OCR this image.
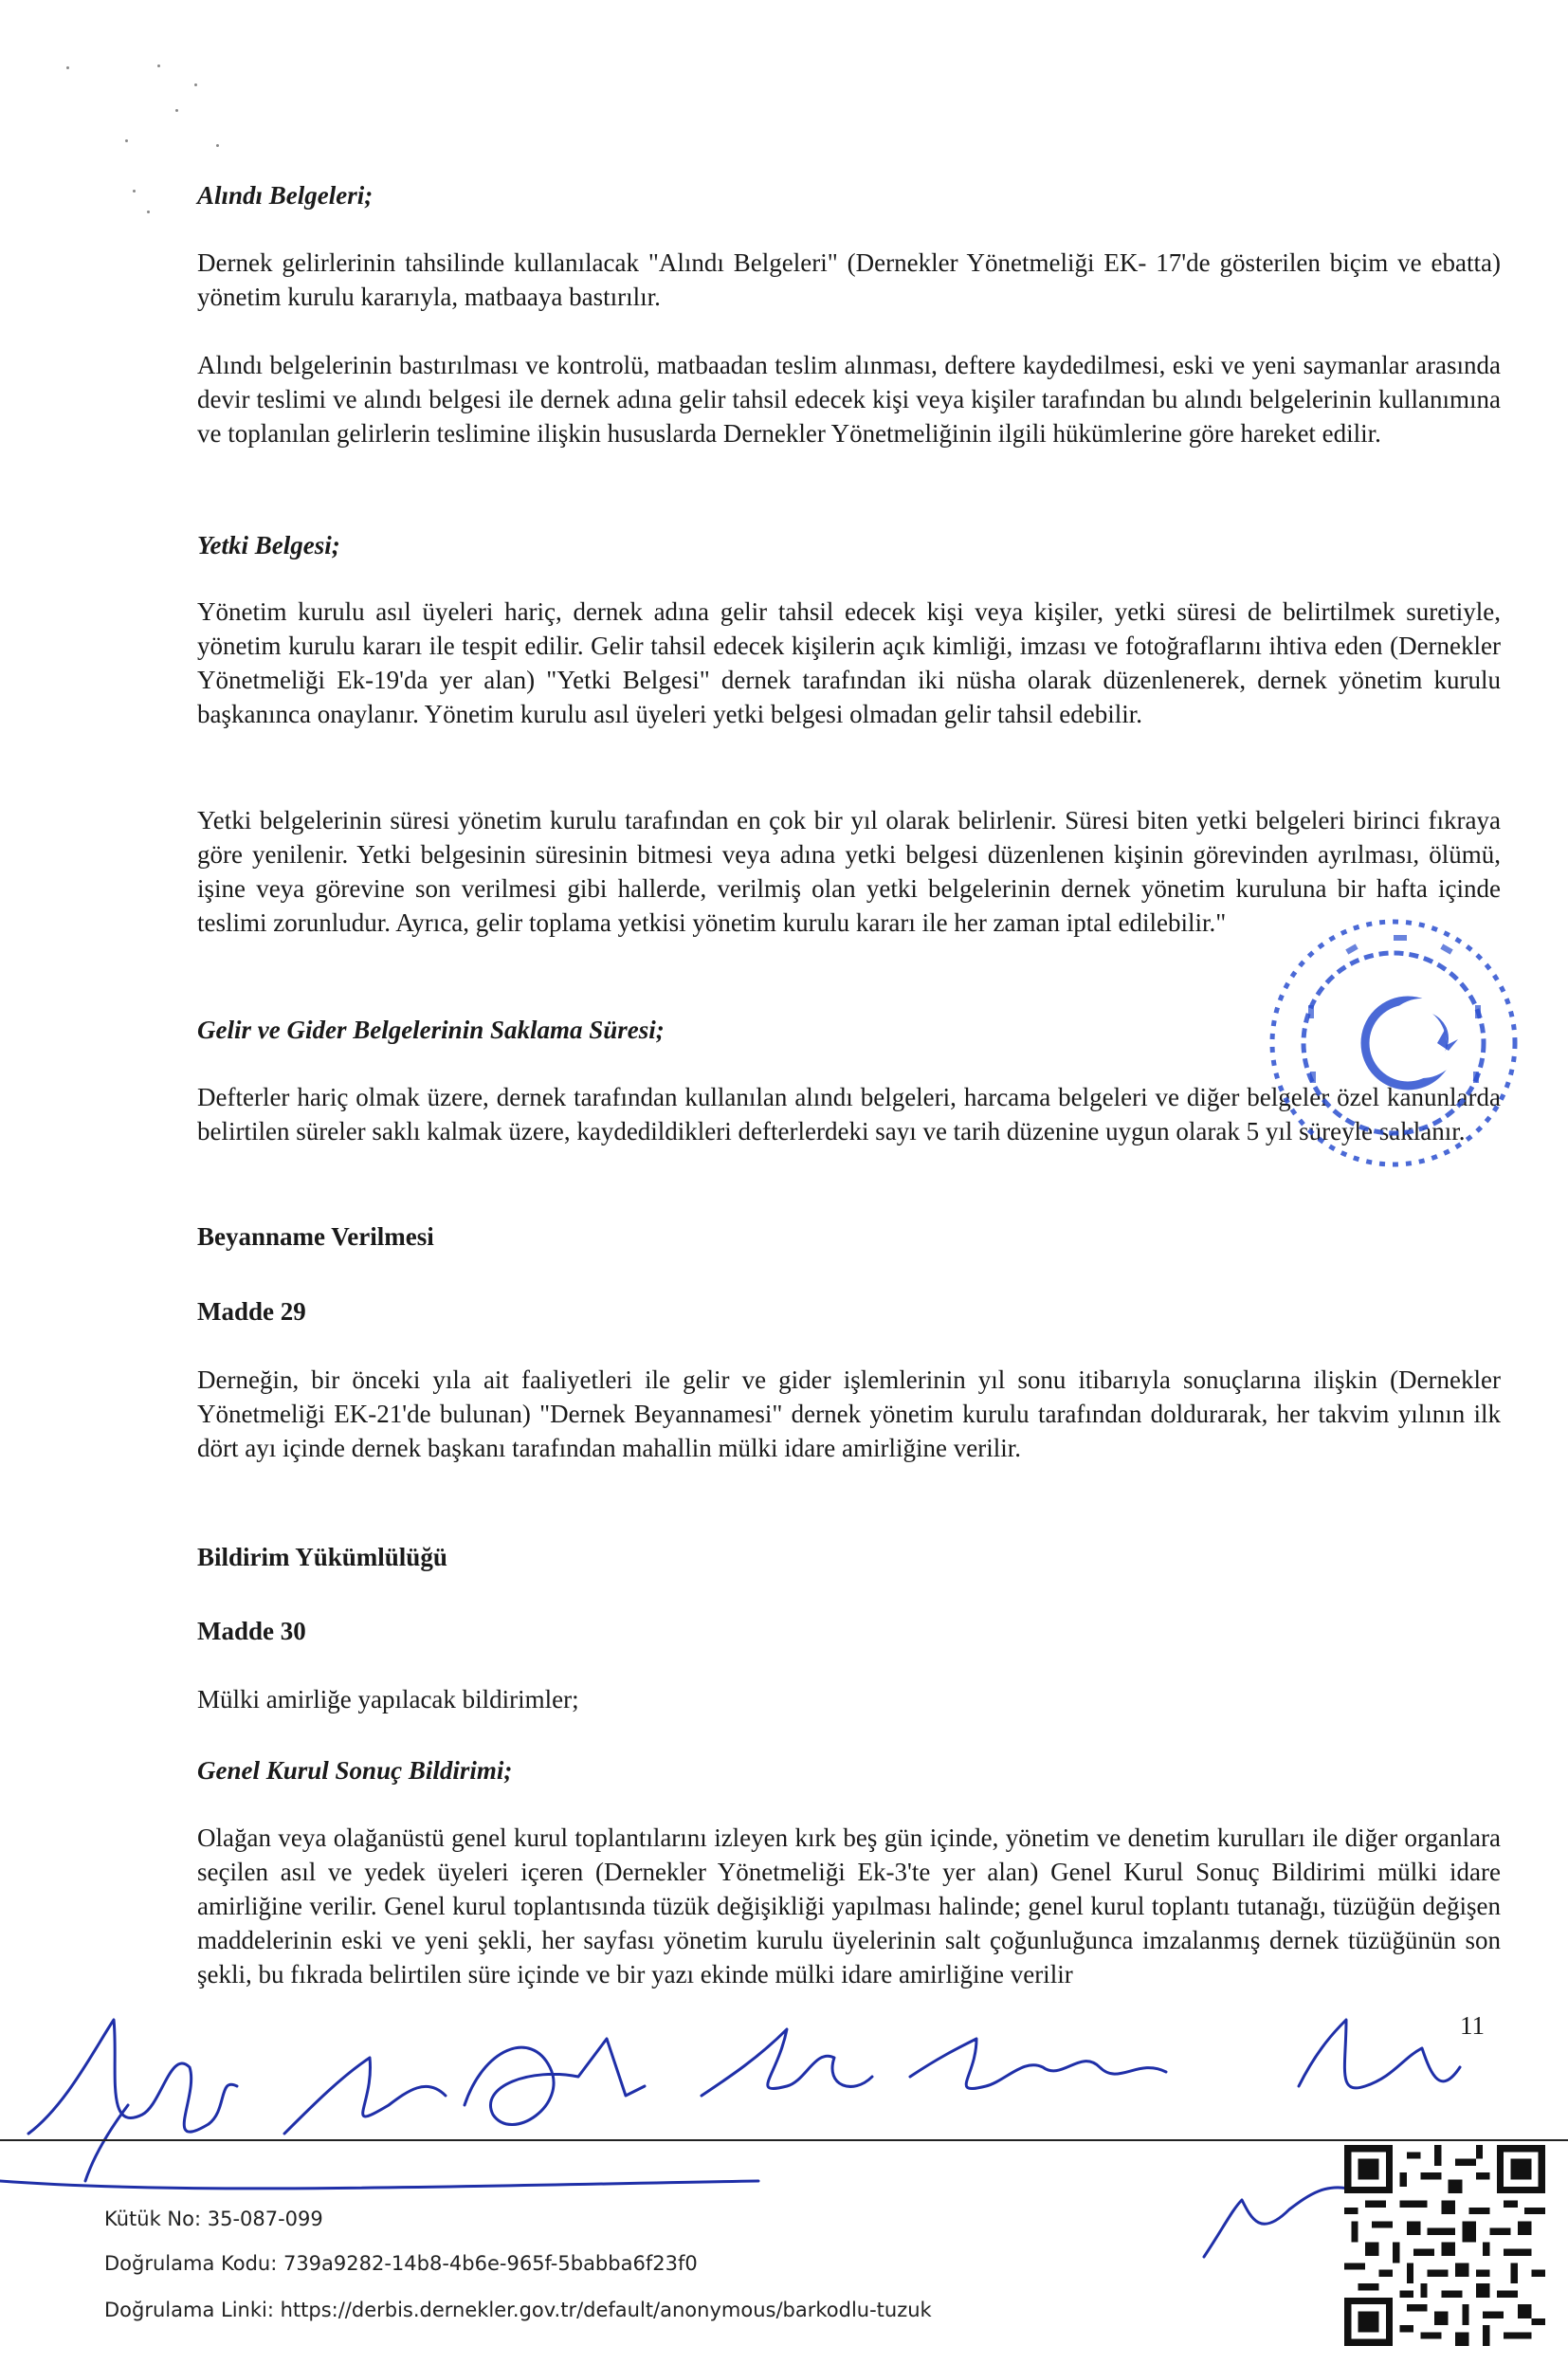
Alındı Belgeleri;
Dernek gelirlerinin tahsilinde kullanılacak "Alındı Belgeleri" (Dernekler Yönetmeliği EK- 17'de gösterilen biçim ve ebatta) yönetim kurulu kararıyla, matbaaya bastırılır.
Alındı belgelerinin bastırılması ve kontrolü, matbaadan teslim alınması, deftere kaydedilmesi, eski ve yeni saymanlar arasında devir teslimi ve alındı belgesi ile dernek adına gelir tahsil edecek kişi veya kişiler tarafından bu alındı belgelerinin kullanımına ve toplanılan gelirlerin teslimine ilişkin hususlarda Dernekler Yönetmeliğinin ilgili hükümlerine göre hareket edilir.
Yetki Belgesi;
Yönetim kurulu asıl üyeleri hariç, dernek adına gelir tahsil edecek kişi veya kişiler, yetki süresi de belirtilmek suretiyle, yönetim kurulu kararı ile tespit edilir. Gelir tahsil edecek kişilerin açık kimliği, imzası ve fotoğraflarını ihtiva eden (Dernekler Yönetmeliği Ek-19'da yer alan) "Yetki Belgesi" dernek tarafından iki nüsha olarak düzenlenerek, dernek yönetim kurulu başkanınca onaylanır. Yönetim kurulu asıl üyeleri yetki belgesi olmadan gelir tahsil edebilir.
Yetki belgelerinin süresi yönetim kurulu tarafından en çok bir yıl olarak belirlenir. Süresi biten yetki belgeleri birinci fıkraya göre yenilenir. Yetki belgesinin süresinin bitmesi veya adına yetki belgesi düzenlenen kişinin görevinden ayrılması, ölümü, işine veya görevine son verilmesi gibi hallerde, verilmiş olan yetki belgelerinin dernek yönetim kuruluna bir hafta içinde teslimi zorunludur. Ayrıca, gelir toplama yetkisi yönetim kurulu kararı ile her zaman iptal edilebilir."
Gelir ve Gider Belgelerinin Saklama Süresi;
Defterler hariç olmak üzere, dernek tarafından kullanılan alındı belgeleri, harcama belgeleri ve diğer belgeler özel kanunlarda belirtilen süreler saklı kalmak üzere, kaydedildikleri defterlerdeki sayı ve tarih düzenine uygun olarak 5 yıl süreyle saklanır.
Beyanname Verilmesi
Madde 29
Derneğin, bir önceki yıla ait faaliyetleri ile gelir ve gider işlemlerinin yıl sonu itibarıyla sonuçlarına ilişkin (Dernekler Yönetmeliği EK-21'de bulunan) "Dernek Beyannamesi" dernek yönetim kurulu tarafından doldurarak, her takvim yılının ilk dört ayı içinde dernek başkanı tarafından mahallin mülki idare amirliğine verilir.
Bildirim Yükümlülüğü
Madde 30
Mülki amirliğe yapılacak bildirimler;
Genel Kurul Sonuç Bildirimi;
Olağan veya olağanüstü genel kurul toplantılarını izleyen kırk beş gün içinde, yönetim ve denetim kurulları ile diğer organlara seçilen asıl ve yedek üyeleri içeren (Dernekler Yönetmeliği Ek-3'te yer alan) Genel Kurul Sonuç Bildirimi mülki idare amirliğine verilir. Genel kurul toplantısında tüzük değişikliği yapılması halinde; genel kurul toplantı tutanağı, tüzüğün değişen maddelerinin eski ve yeni şekli, her sayfası yönetim kurulu üyelerinin salt çoğunluğunca imzalanmış dernek tüzüğünün son şekli, bu fıkrada belirtilen süre içinde ve bir yazı ekinde mülki idare amirliğine verilir
11
Kütük No: 35-087-099
Doğrulama Kodu: 739a9282-14b8-4b6e-965f-5babba6f23f0
Doğrulama Linki: https://derbis.dernekler.gov.tr/default/anonymous/barkodlu-tuzuk
